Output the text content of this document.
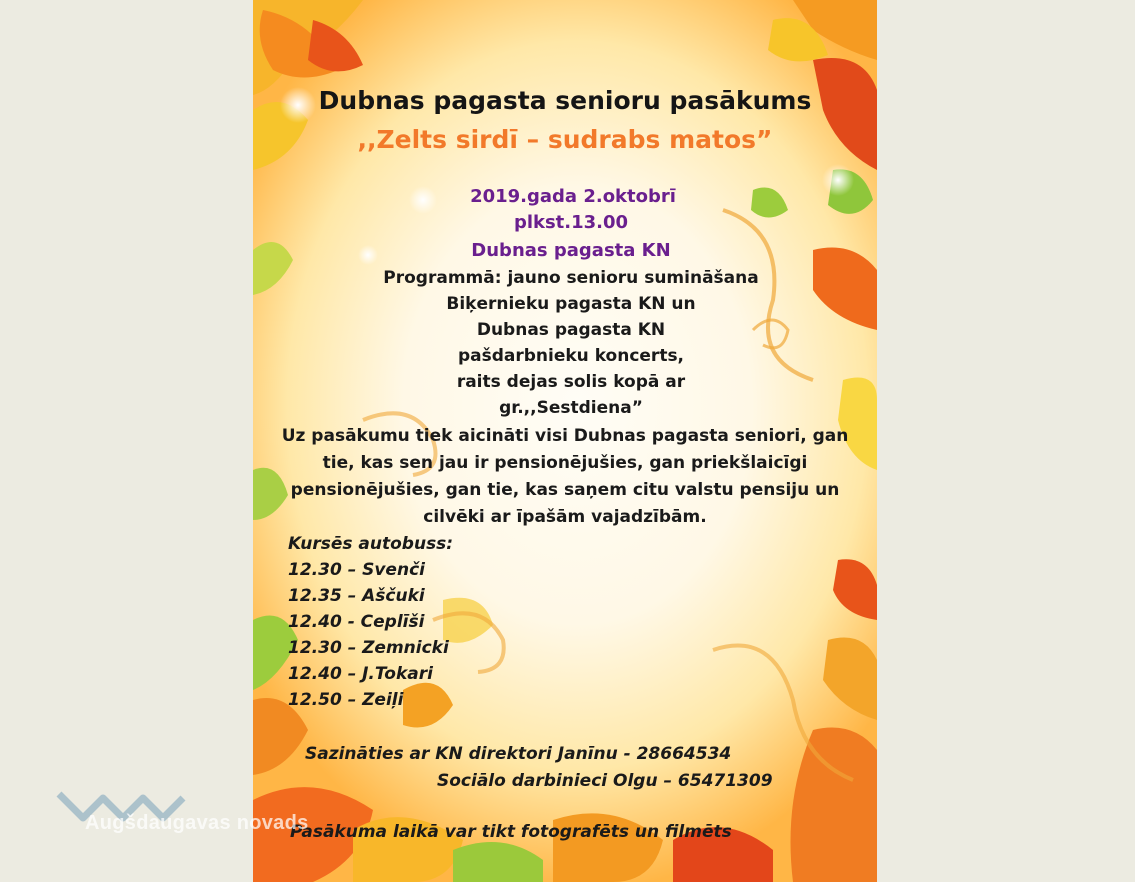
Dubnas pagasta senioru pasākums
,,Zelts sirdī – sudrabs matos”
2019.gada 2.oktobrī
plkst.13.00
Dubnas pagasta KN
Programmā: jauno senioru sumināšana
Biķernieku pagasta KN un
Dubnas pagasta KN
pašdarbnieku koncerts,
raits dejas solis kopā ar
gr.,,Sestdiena”
Uz pasākumu tiek aicināti visi Dubnas pagasta seniori, gan
tie, kas sen jau ir pensionējušies, gan priekšlaicīgi
pensionējušies, gan tie, kas saņem citu valstu pensiju un
cilvēki ar īpašām vajadzībām.
Kursēs autobuss:
12.30 – Svenči
12.35 – Aščuki
12.40 - Ceplīši
12.30 – Zemnicki
12.40 – J.Tokari
12.50 – Zeiļi
Sazināties ar KN direktori Janīnu - 28664534
Sociālo darbinieci Olgu – 65471309
Pasākuma laikā var tikt fotografēts un filmēts
Augšdaugavas novads
